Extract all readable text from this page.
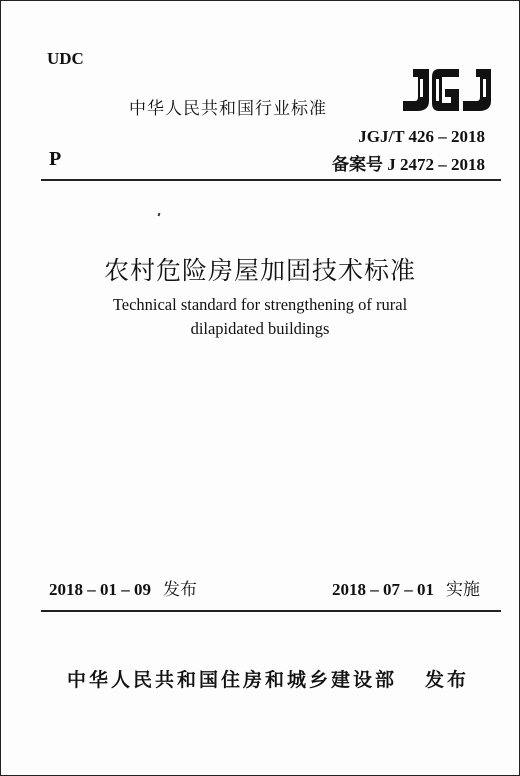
UDC
中华人民共和国行业标准
P
JGJ/T 426 – 2018
备案号 J 2472 – 2018
农村危险房屋加固技术标准
Technical standard for strengthening of rural
dilapidated buildings
2018 – 01 – 09 发布	2018 – 07 – 01 实施
中华人民共和国住房和城乡建设部 发布
